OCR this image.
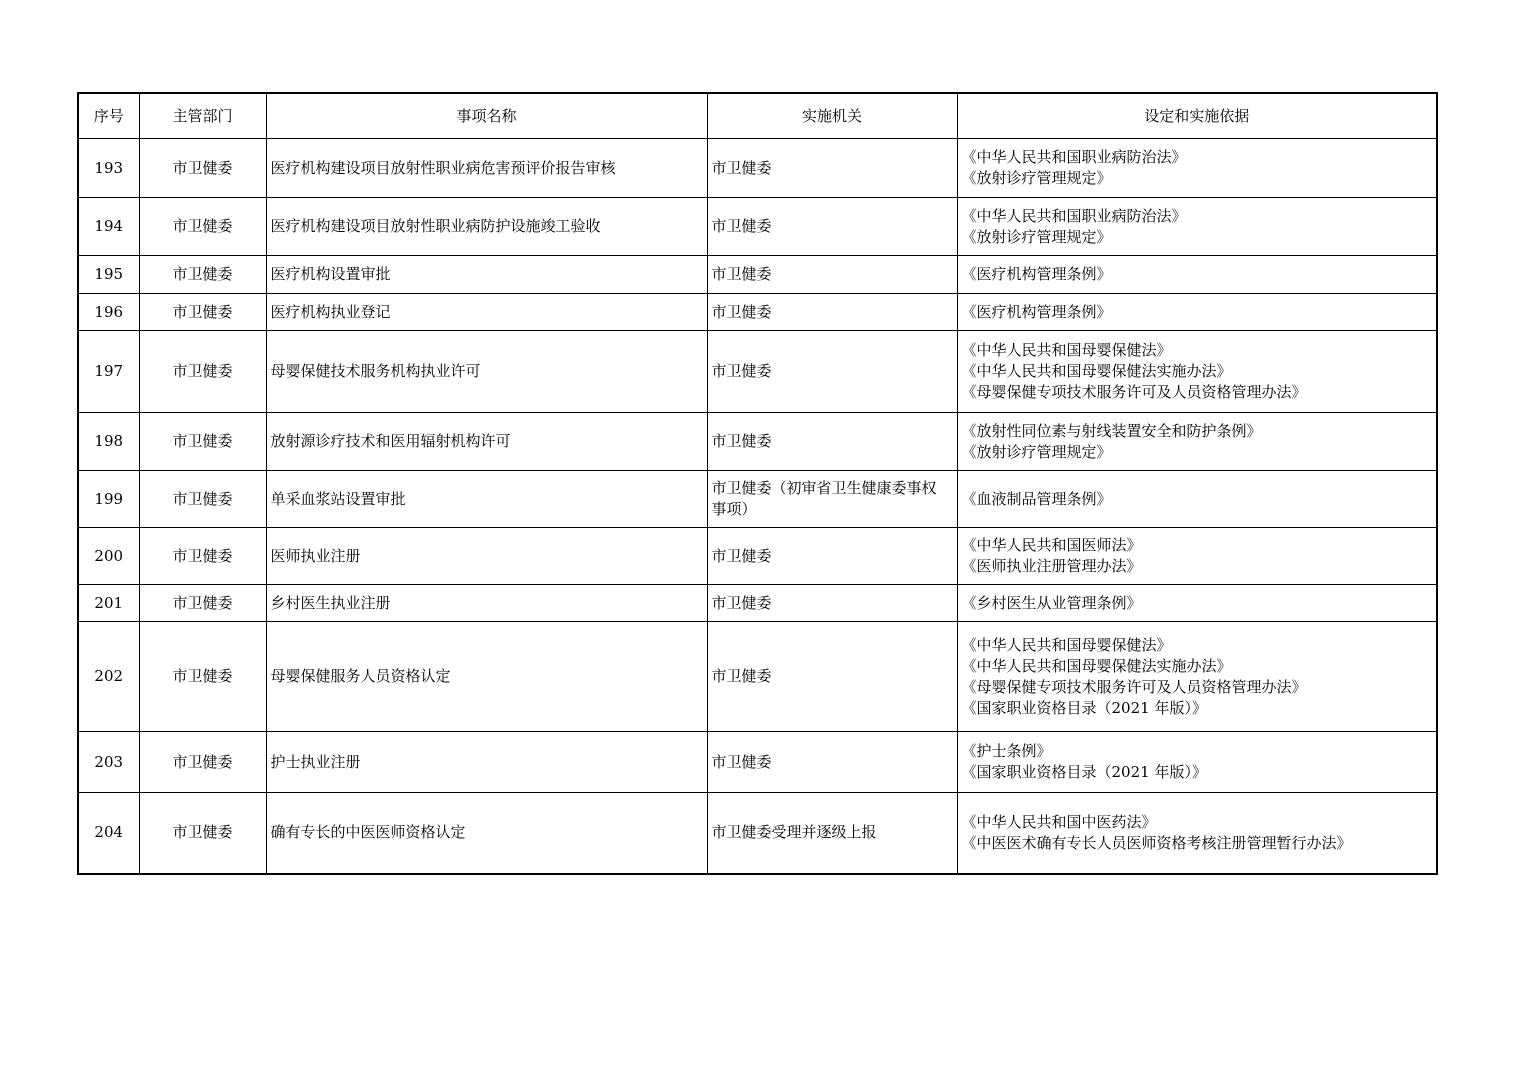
序号	主管部门	事项名称	实施机关	设定和实施依据
193	市卫健委	医疗机构建设项目放射性职业病危害预评价报告审核	市卫健委	《中华人民共和国职业病防治法》
《放射诊疗管理规定》

194	市卫健委	医疗机构建设项目放射性职业病防护设施竣工验收	市卫健委	《中华人民共和国职业病防治法》
《放射诊疗管理规定》

195	市卫健委	医疗机构设置审批	市卫健委	《医疗机构管理条例》

196	市卫健委	医疗机构执业登记	市卫健委	《医疗机构管理条例》

197	市卫健委	母婴保健技术服务机构执业许可	市卫健委	《中华人民共和国母婴保健法》
《中华人民共和国母婴保健法实施办法》
《母婴保健专项技术服务许可及人员资格管理办法》

198	市卫健委	放射源诊疗技术和医用辐射机构许可	市卫健委	《放射性同位素与射线装置安全和防护条例》
《放射诊疗管理规定》

199	市卫健委	单采血浆站设置审批	市卫健委（初审省卫生健康委事权事项）	《血液制品管理条例》

200	市卫健委	医师执业注册	市卫健委	《中华人民共和国医师法》
《医师执业注册管理办法》

201	市卫健委	乡村医生执业注册	市卫健委	《乡村医生从业管理条例》

202	市卫健委	母婴保健服务人员资格认定	市卫健委	《中华人民共和国母婴保健法》
《中华人民共和国母婴保健法实施办法》
《母婴保健专项技术服务许可及人员资格管理办法》
《国家职业资格目录（2021 年版）》

203	市卫健委	护士执业注册	市卫健委	《护士条例》
《国家职业资格目录（2021 年版）》

204	市卫健委	确有专长的中医医师资格认定	市卫健委受理并逐级上报	《中华人民共和国中医药法》
《中医医术确有专长人员医师资格考核注册管理暂行办法》
